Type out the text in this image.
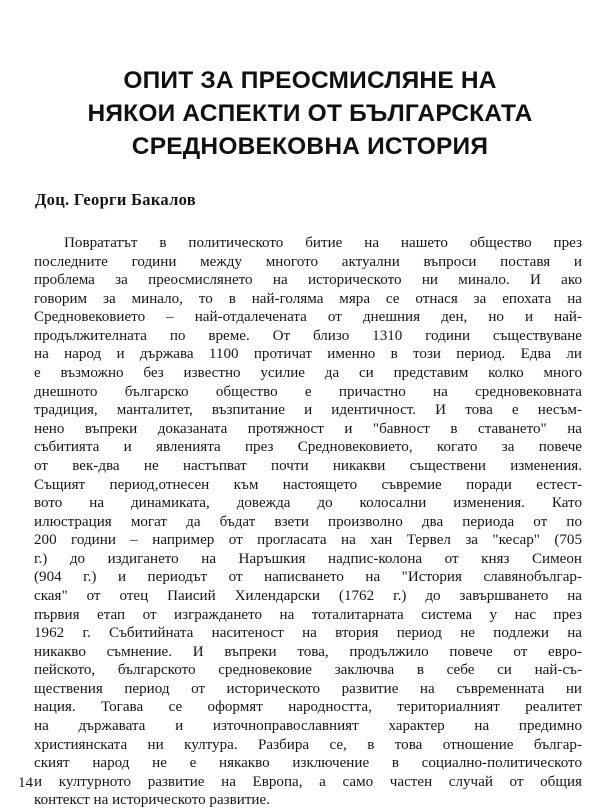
ОПИТ ЗА ПРЕОСМИСЛЯНЕ НА
НЯКОИ АСПЕКТИ ОТ БЪЛГАРСКАТА
СРЕДНОВЕКОВНА ИСТОРИЯ

Доц. Георги Бакалов

Поврататът в политическото битие на нашето общество през
последните години между многото актуални въпроси поставя и
проблема за преосмислянето на историческото ни минало. И ако
говорим за минало, то в най-голяма мяра се отнася за епохата на
Средновековието – най-отдалечената от днешния ден, но и най-
продължителната по време. От близо 1310 години съществуване
на народ и държава 1100 протичат именно в този период. Едва ли
е възможно без известно усилие да си представим колко много
днешното българско общество е причастно на средновековната
традиция, манталитет, възпитание и идентичност. И това е несъм-
нено въпреки доказаната протяжност и "бавност в ставането" на
събитията и явленията през Средновековието, когато за повече
от век-два не настъпват почти никакви съществени изменения.
Същият период,отнесен към настоящето съвремие поради естест-
вото на динамиката, довежда до колосални изменения. Като
илюстрация могат да бъдат взети произволно два периода от по
200 години – например от прогласата на хан Тервел за "кесар" (705
г.) до издигането на Наръшкия надпис-колона от княз Симеон
(904 г.) и периодът от написването на "История славянобългар-
ская" от отец Паисий Хилендарски (1762 г.) до завършването на
първия етап от изграждането на тоталитарната система у нас през
1962 г. Събитийната наситеност на втория период не подлежи на
никакво съмнение. И въпреки това, продължило повече от евро-
пейското, българското средновековие заключва в себе си най-съ-
ществения период от историческото развитие на съвременната ни
нация. Тогава се оформят народността, териториалният реалитет
на държавата и източноправославният характер на предимно
християнската ни култура. Разбира се, в това отношение българ-
ският народ не е някакво изключение в социално-политическото
и културното развитие на Европа, а само частен случай от общия
контекст на историческото развитие.

14
